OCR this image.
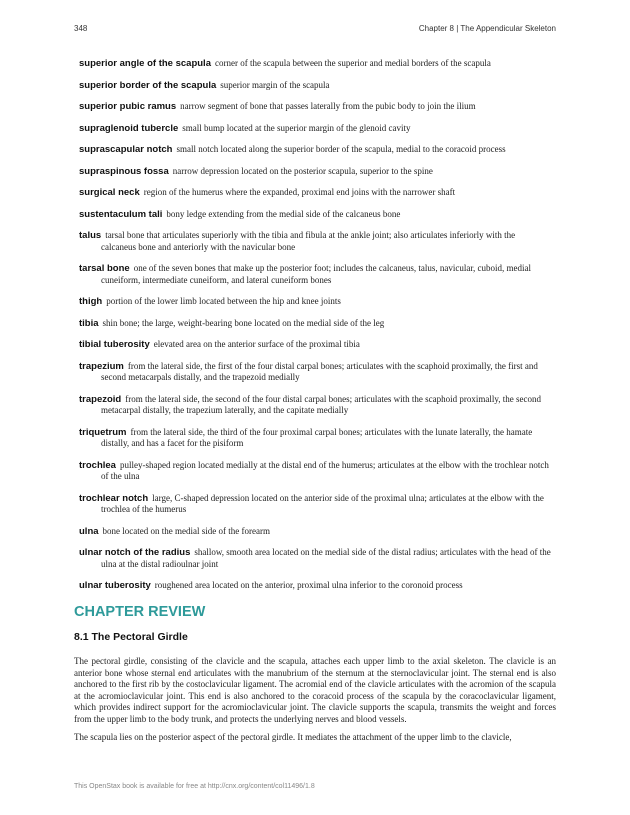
348	Chapter 8 | The Appendicular Skeleton

superior angle of the scapula corner of the scapula between the superior and medial borders of the scapula

superior border of the scapula superior margin of the scapula

superior pubic ramus narrow segment of bone that passes laterally from the pubic body to join the ilium

supraglenoid tubercle small bump located at the superior margin of the glenoid cavity

suprascapular notch small notch located along the superior border of the scapula, medial to the coracoid process

supraspinous fossa narrow depression located on the posterior scapula, superior to the spine

surgical neck region of the humerus where the expanded, proximal end joins with the narrower shaft

sustentaculum tali bony ledge extending from the medial side of the calcaneus bone

talus tarsal bone that articulates superiorly with the tibia and fibula at the ankle joint; also articulates inferiorly with the calcaneus bone and anteriorly with the navicular bone

tarsal bone one of the seven bones that make up the posterior foot; includes the calcaneus, talus, navicular, cuboid, medial cuneiform, intermediate cuneiform, and lateral cuneiform bones

thigh portion of the lower limb located between the hip and knee joints

tibia shin bone; the large, weight-bearing bone located on the medial side of the leg

tibial tuberosity elevated area on the anterior surface of the proximal tibia

trapezium from the lateral side, the first of the four distal carpal bones; articulates with the scaphoid proximally, the first and second metacarpals distally, and the trapezoid medially

trapezoid from the lateral side, the second of the four distal carpal bones; articulates with the scaphoid proximally, the second metacarpal distally, the trapezium laterally, and the capitate medially

triquetrum from the lateral side, the third of the four proximal carpal bones; articulates with the lunate laterally, the hamate distally, and has a facet for the pisiform

trochlea pulley-shaped region located medially at the distal end of the humerus; articulates at the elbow with the trochlear notch of the ulna

trochlear notch large, C-shaped depression located on the anterior side of the proximal ulna; articulates at the elbow with the trochlea of the humerus

ulna bone located on the medial side of the forearm

ulnar notch of the radius shallow, smooth area located on the medial side of the distal radius; articulates with the head of the ulna at the distal radioulnar joint

ulnar tuberosity roughened area located on the anterior, proximal ulna inferior to the coronoid process

CHAPTER REVIEW
8.1 The Pectoral Girdle

The pectoral girdle, consisting of the clavicle and the scapula, attaches each upper limb to the axial skeleton. The clavicle is an anterior bone whose sternal end articulates with the manubrium of the sternum at the sternoclavicular joint. The sternal end is also anchored to the first rib by the costoclavicular ligament. The acromial end of the clavicle articulates with the acromion of the scapula at the acromioclavicular joint. This end is also anchored to the coracoid process of the scapula by the coracoclavicular ligament, which provides indirect support for the acromioclavicular joint. The clavicle supports the scapula, transmits the weight and forces from the upper limb to the body trunk, and protects the underlying nerves and blood vessels.

The scapula lies on the posterior aspect of the pectoral girdle. It mediates the attachment of the upper limb to the clavicle,

This OpenStax book is available for free at http://cnx.org/content/col11496/1.8
